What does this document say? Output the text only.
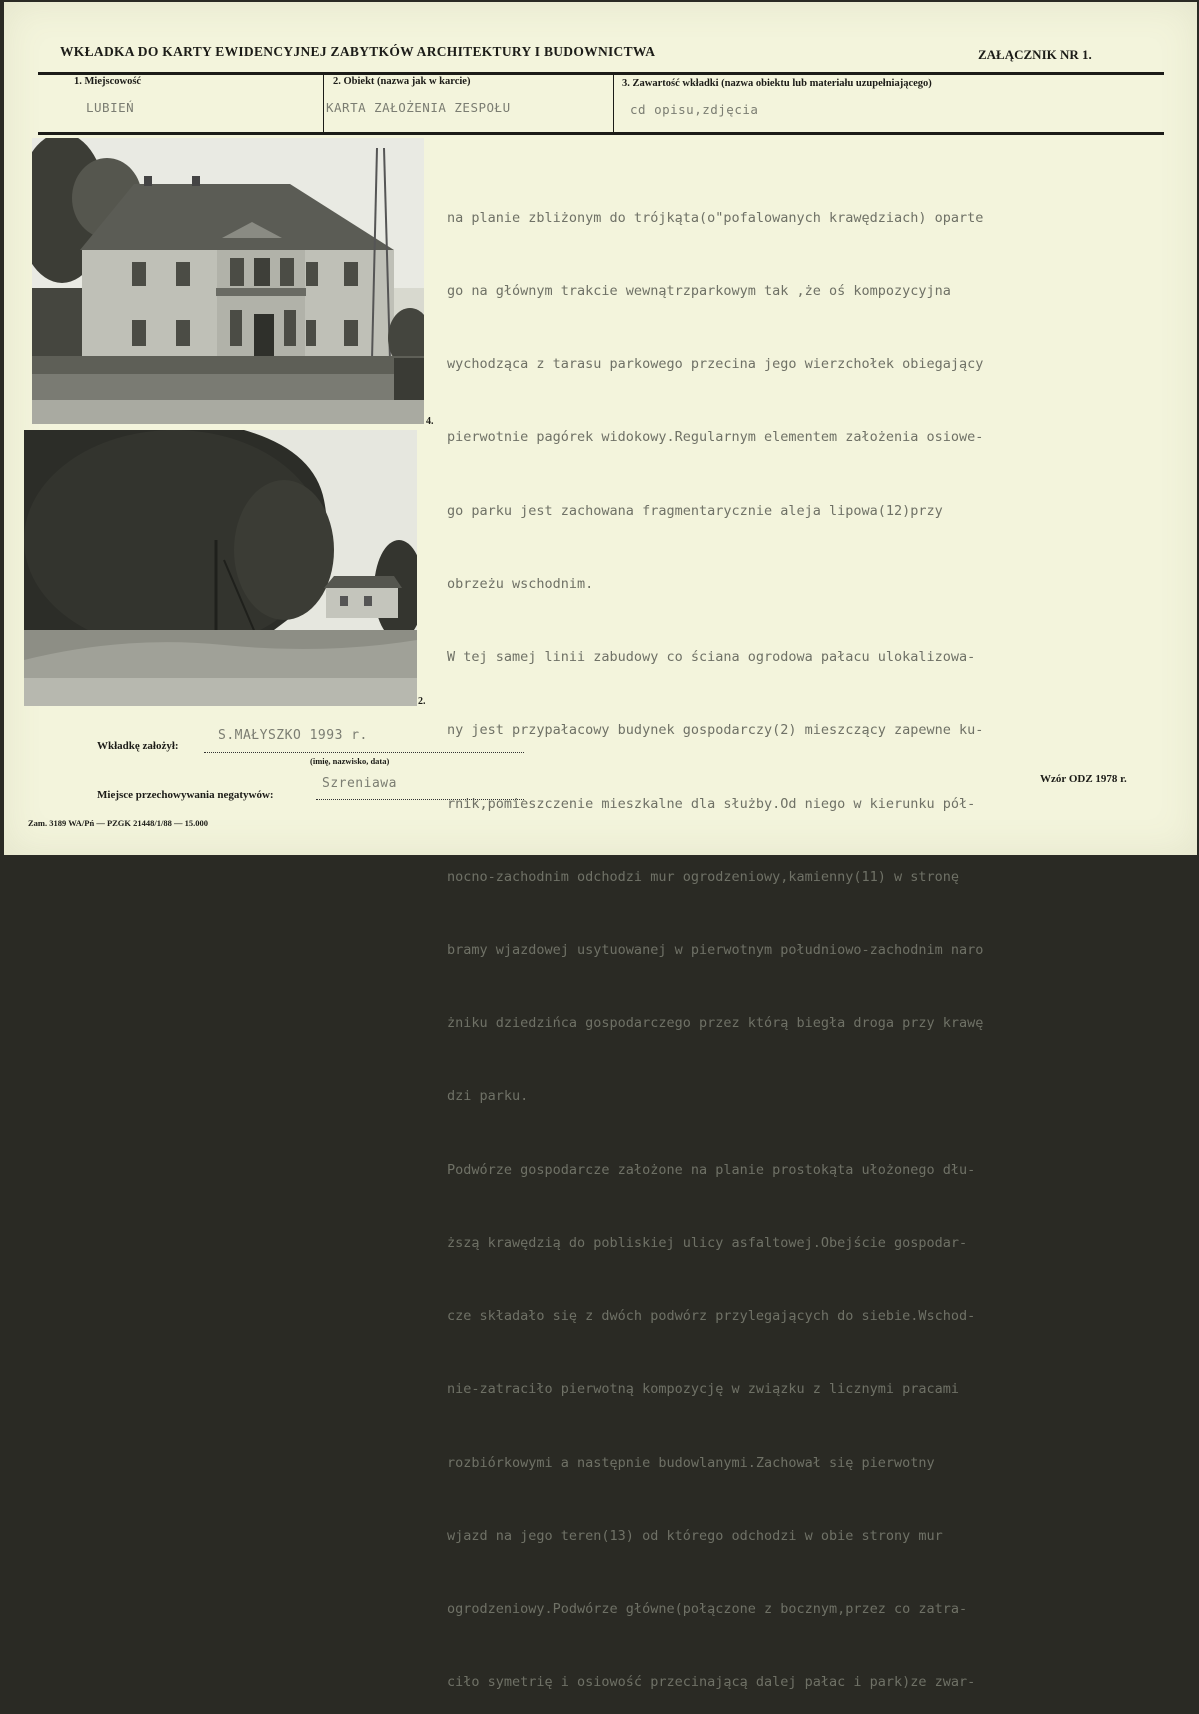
WKŁADKA DO KARTY EWIDENCYJNEJ ZABYTKÓW ARCHITEKTURY I BUDOWNICTWA	ZAŁĄCZNIK NR 1.
1. Miejscowość
LUBIEŃ
2. Obiekt (nazwa jak w karcie)
KARTA ZAŁOŻENIA ZESPOŁU
3. Zawartość wkładki (nazwa obiektu lub materiału uzupełniającego)
cd opisu,zdjęcia
4.
2.

na planie zbliżonym do trójkąta(o"pofalowanych krawędziach) oparte

go na głównym trakcie wewnątrzparkowym tak ,że oś kompozycyjna

wychodząca z tarasu parkowego przecina jego wierzchołek obiegający

pierwotnie pagórek widokowy.Regularnym elementem założenia osiowe-

go parku jest zachowana fragmentarycznie aleja lipowa(12)przy

obrzeżu wschodnim.

W tej samej linii zabudowy co ściana ogrodowa pałacu ulokalizowa-

ny jest przypałacowy budynek gospodarczy(2) mieszczący zapewne ku-

rnik,pomieszczenie mieszkalne dla służby.Od niego w kierunku pół-

nocno-zachodnim odchodzi mur ogrodzeniowy,kamienny(11) w stronę

bramy wjazdowej usytuowanej w pierwotnym południowo-zachodnim naro

żniku dziedzińca gospodarczego przez którą biegła droga przy krawę

dzi parku.

Podwórze gospodarcze założone na planie prostokąta ułożonego dłu-

ższą krawędzią do pobliskiej ulicy asfaltowej.Obejście gospodar-

cze składało się z dwóch podwórz przylegających do siebie.Wschod-

nie-zatraciło pierwotną kompozycję w związku z licznymi pracami

rozbiórkowymi a następnie budowlanymi.Zachował się pierwotny

wjazd na jego teren(13) od którego odchodzi w obie strony mur

ogrodzeniowy.Podwórze główne(połączone z bocznym,przez co zatra-

ciło symetrię i osiowość przecinającą dalej pałac i park)ze zwar-

Wkładkę założył:
S.MAŁYSZKO 1993 r.
(imię, nazwisko, data)
Miejsce przechowywania negatywów:
Szreniawa	Wzór ODZ 1978 r.
Zam. 3189 WA/Pń — PZGK 21448/1/88 — 15.000
